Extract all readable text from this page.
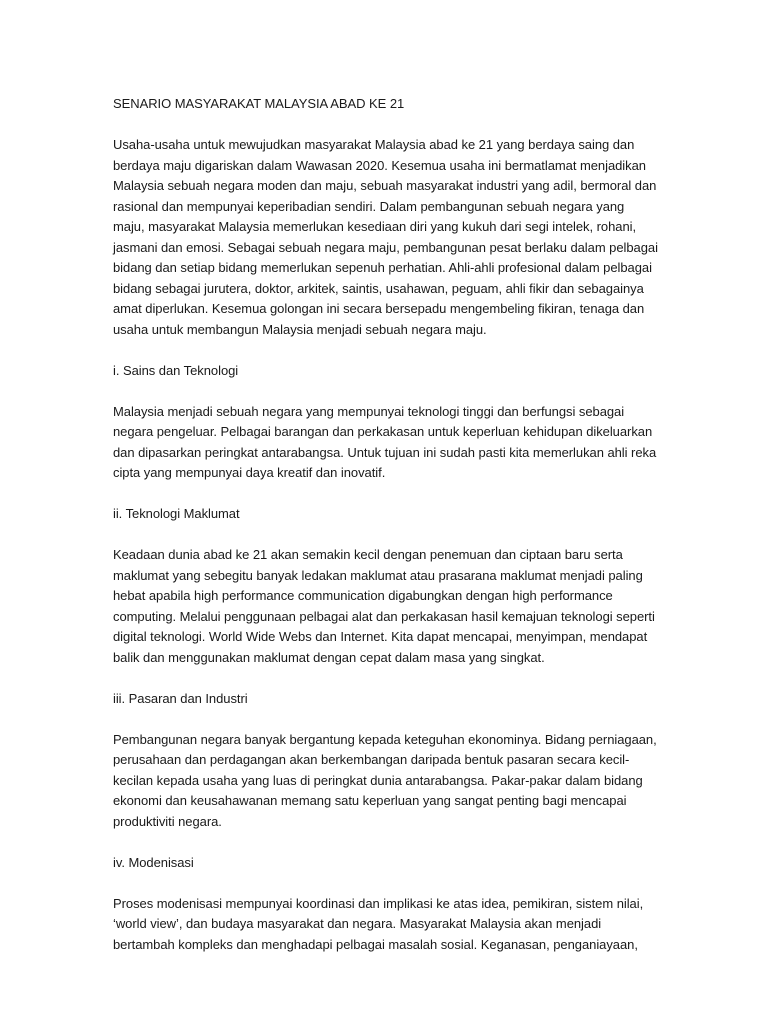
SENARIO MASYARAKAT MALAYSIA ABAD KE 21

Usaha-usaha untuk mewujudkan masyarakat Malaysia abad ke 21 yang berdaya saing dan berdaya maju digariskan dalam Wawasan 2020. Kesemua usaha ini bermatlamat menjadikan Malaysia sebuah negara moden dan maju, sebuah masyarakat industri yang adil, bermoral dan rasional dan mempunyai keperibadian sendiri. Dalam pembangunan sebuah negara yang maju, masyarakat Malaysia memerlukan kesediaan diri yang kukuh dari segi intelek, rohani, jasmani dan emosi. Sebagai sebuah negara maju, pembangunan pesat berlaku dalam pelbagai bidang dan setiap bidang memerlukan sepenuh perhatian. Ahli-ahli profesional dalam pelbagai bidang sebagai jurutera, doktor, arkitek, saintis, usahawan, peguam, ahli fikir dan sebagainya amat diperlukan. Kesemua golongan ini secara bersepadu mengembeling fikiran, tenaga dan usaha untuk membangun Malaysia menjadi sebuah negara maju.

i. Sains dan Teknologi

Malaysia menjadi sebuah negara yang mempunyai teknologi tinggi dan berfungsi sebagai negara pengeluar. Pelbagai barangan dan perkakasan untuk keperluan kehidupan dikeluarkan dan dipasarkan peringkat antarabangsa. Untuk tujuan ini sudah pasti kita memerlukan ahli reka cipta yang mempunyai daya kreatif dan inovatif.

ii. Teknologi Maklumat

Keadaan dunia abad ke 21 akan semakin kecil dengan penemuan dan ciptaan baru serta maklumat yang sebegitu banyak ledakan maklumat atau prasarana maklumat menjadi paling hebat apabila high performance communication digabungkan dengan high performance computing. Melalui penggunaan pelbagai alat dan perkakasan hasil kemajuan teknologi seperti digital teknologi. World Wide Webs dan Internet. Kita dapat mencapai, menyimpan, mendapat balik dan menggunakan maklumat dengan cepat dalam masa yang singkat.

iii. Pasaran dan Industri

Pembangunan negara banyak bergantung kepada keteguhan ekonominya. Bidang perniagaan, perusahaan dan perdagangan akan berkembangan daripada bentuk pasaran secara kecil-kecilan kepada usaha yang luas di peringkat dunia antarabangsa. Pakar-pakar dalam bidang ekonomi dan keusahawanan memang satu keperluan yang sangat penting bagi mencapai produktiviti negara.

iv. Modenisasi

Proses modenisasi mempunyai koordinasi dan implikasi ke atas idea, pemikiran, sistem nilai, ‘world view’, dan budaya masyarakat dan negara. Masyarakat Malaysia akan menjadi bertambah kompleks dan menghadapi pelbagai masalah sosial. Keganasan, penganiayaan,
